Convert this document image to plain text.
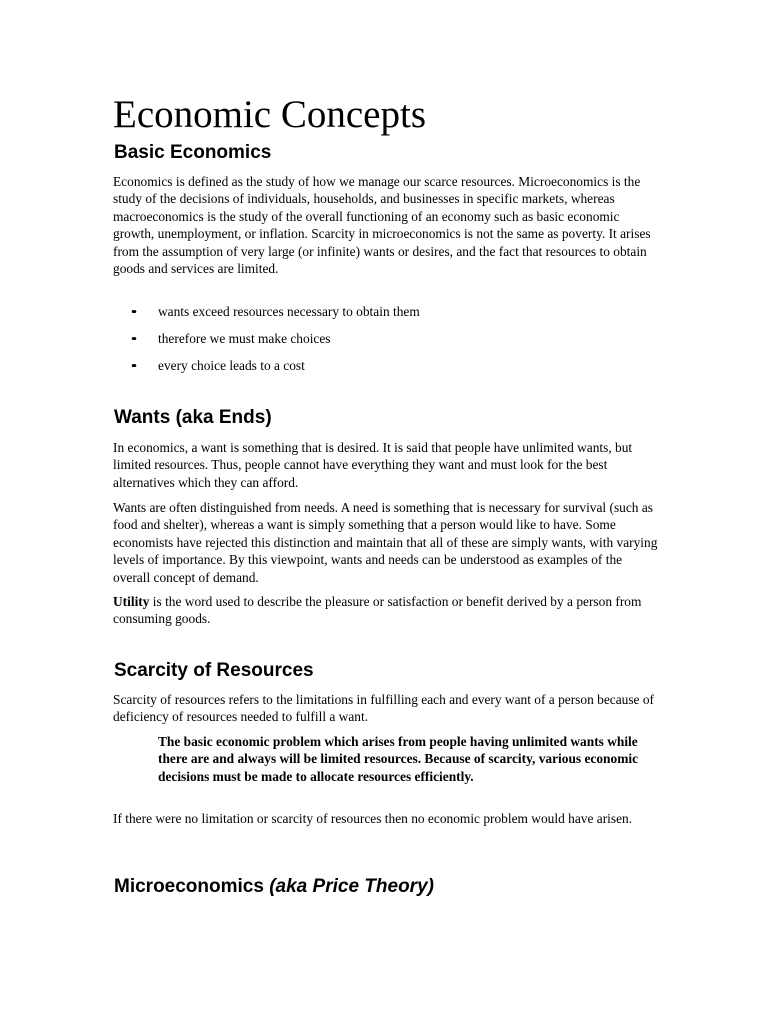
Economic Concepts
Basic Economics

Economics is defined as the study of how we manage our scarce resources. Microeconomics is the study of the decisions of individuals, households, and businesses in specific markets, whereas macroeconomics is the study of the overall functioning of an economy such as basic economic growth, unemployment, or inflation. Scarcity in microeconomics is not the same as poverty. It arises from the assumption of very large (or infinite) wants or desires, and the fact that resources to obtain goods and services are limited.

•• wants exceed resources necessary to obtain them
•• therefore we must make choices
•• every choice leads to a cost
Wants (aka Ends)

In economics, a want is something that is desired. It is said that people have unlimited wants, but limited resources. Thus, people cannot have everything they want and must look for the best alternatives which they can afford.

Wants are often distinguished from needs. A need is something that is necessary for survival (such as food and shelter), whereas a want is simply something that a person would like to have. Some economists have rejected this distinction and maintain that all of these are simply wants, with varying levels of importance. By this viewpoint, wants and needs can be understood as examples of the overall concept of demand.

Utility is the word used to describe the pleasure or satisfaction or benefit derived by a person from consuming goods.

Scarcity of Resources

Scarcity of resources refers to the limitations in fulfilling each and every want of a person because of deficiency of resources needed to fulfill a want.

The basic economic problem which arises from people having unlimited wants while there are and always will be limited resources. Because of scarcity, various economic decisions must be made to allocate resources efficiently.

If there were no limitation or scarcity of resources then no economic problem would have arisen.

Microeconomics (aka Price Theory)
